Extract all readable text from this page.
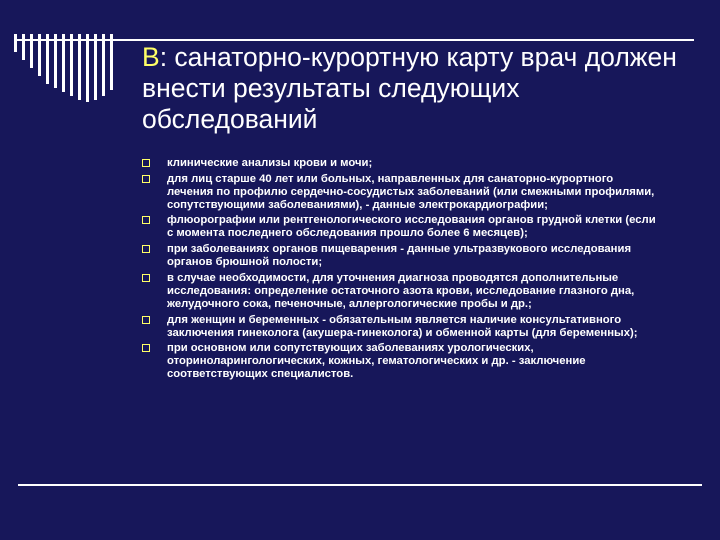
В: санаторно-курортную карту врач должен внести результаты следующих обследований
клинические анализы крови и мочи;
для лиц старше 40 лет или больных, направленных для санаторно-курортного лечения по профилю сердечно-сосудистых заболеваний (или смежными профилями, сопутствующими заболеваниями), - данные электрокардиографии;
флюорографии или рентгенологического исследования органов грудной клетки (если с момента последнего обследования прошло более 6 месяцев);
при заболеваниях органов пищеварения - данные ультразвукового исследования органов брюшной полости;
в случае необходимости, для уточнения диагноза проводятся дополнительные исследования: определение остаточного азота крови, исследование глазного дна, желудочного сока, печеночные, аллергологические пробы и др.;
для женщин и беременных - обязательным является наличие консультативного заключения гинеколога (акушера-гинеколога) и обменной карты (для беременных);
при основном или сопутствующих заболеваниях урологических, оториноларингологических, кожных, гематологических и др. - заключение соответствующих специалистов.
